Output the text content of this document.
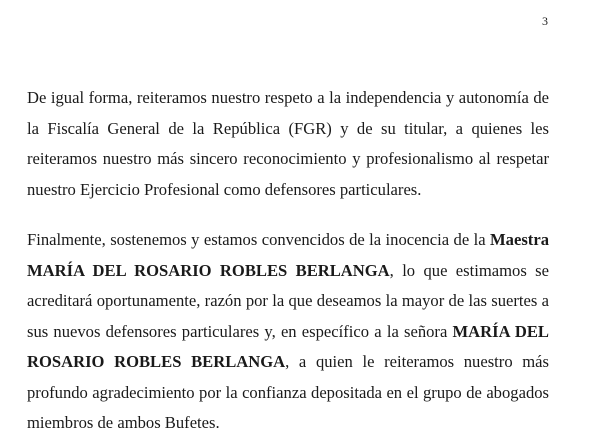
3

De igual forma, reiteramos nuestro respeto a la independencia y autonomía de la Fiscalía General de la República (FGR) y de su titular, a quienes les reiteramos nuestro más sincero reconocimiento y profesionalismo al respetar nuestro Ejercicio Profesional como defensores particulares.

Finalmente, sostenemos y estamos convencidos de la inocencia de la Maestra MARÍA DEL ROSARIO ROBLES BERLANGA, lo que estimamos se acreditará oportunamente, razón por la que deseamos la mayor de las suertes a sus nuevos defensores particulares y, en específico a la señora MARÍA DEL ROSARIO ROBLES BERLANGA, a quien le reiteramos nuestro más profundo agradecimiento por la confianza depositada en el grupo de abogados miembros de ambos Bufetes.
